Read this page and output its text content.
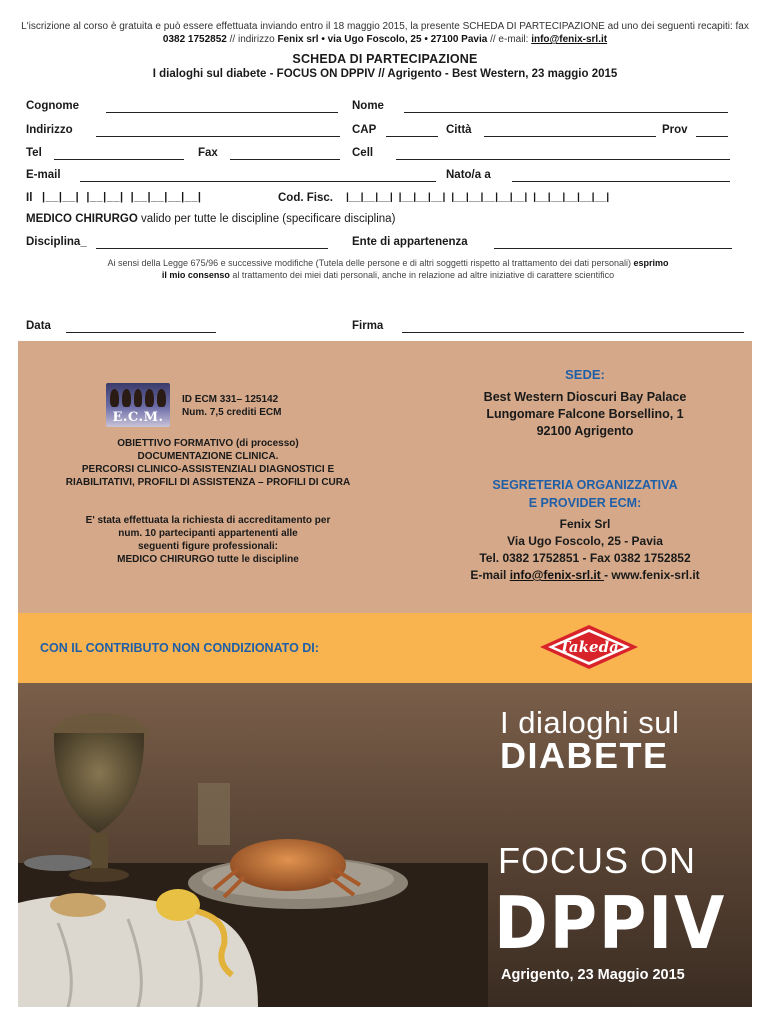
L'iscrizione al corso è gratuita e può essere effettuata inviando entro il 18 maggio 2015, la presente SCHEDA DI PARTECIPAZIONE ad uno dei seguenti recapiti: fax 0382 1752852 // indirizzo Fenix srl • via Ugo Foscolo, 25 • 27100 Pavia // e-mail: info@fenix-srl.it
SCHEDA DI PARTECIPAZIONE
I dialoghi sul diabete - FOCUS ON DPPIV // Agrigento - Best Western, 23 maggio 2015
Cognome	Nome
Indirizzo	CAP	Città	Prov
Tel	Fax	Cell
E-mail	Nato/a a
Il |__|__|  |__|__|  |__|__|__|__|	Cod. Fisc. |__|__|__|  |__|__|__|  |__|__|__|__|__|  |__|__|__|__|__|
MEDICO CHIRURGO valido per tutte le discipline (specificare disciplina)
Disciplina_	Ente di appartenenza
Ai sensi della Legge 675/96 e successive modifiche (Tutela delle persone e di altri soggetti rispetto al trattamento dei dati personali) esprimo
il mio consenso al trattamento dei miei dati personali, anche in relazione ad altre iniziative di carattere scientifico
Data	Firma
E.C.M.
ID ECM 331– 125142
Num. 7,5 crediti ECM
OBIETTIVO FORMATIVO (di processo)
DOCUMENTAZIONE CLINICA.
PERCORSI CLINICO-ASSISTENZIALI DIAGNOSTICI E
RIABILITATIVI, PROFILI DI ASSISTENZA – PROFILI DI CURA
E' stata effettuata la richiesta di accreditamento per
num. 10 partecipanti appartenenti alle
seguenti figure professionali:
MEDICO CHIRURGO tutte le discipline
SEDE:
Best Western Dioscuri Bay Palace
Lungomare Falcone Borsellino, 1
92100 Agrigento
SEGRETERIA ORGANIZZATIVA
E PROVIDER ECM:
Fenix Srl
Via Ugo Foscolo, 25 - Pavia
Tel. 0382 1752851 - Fax 0382 1752852
E-mail info@fenix-srl.it - www.fenix-srl.it
CON IL CONTRIBUTO NON CONDIZIONATO DI:	Takeda
I dialoghi sul
DIABETE
FOCUS ON
DPPIV
Agrigento, 23 Maggio 2015
